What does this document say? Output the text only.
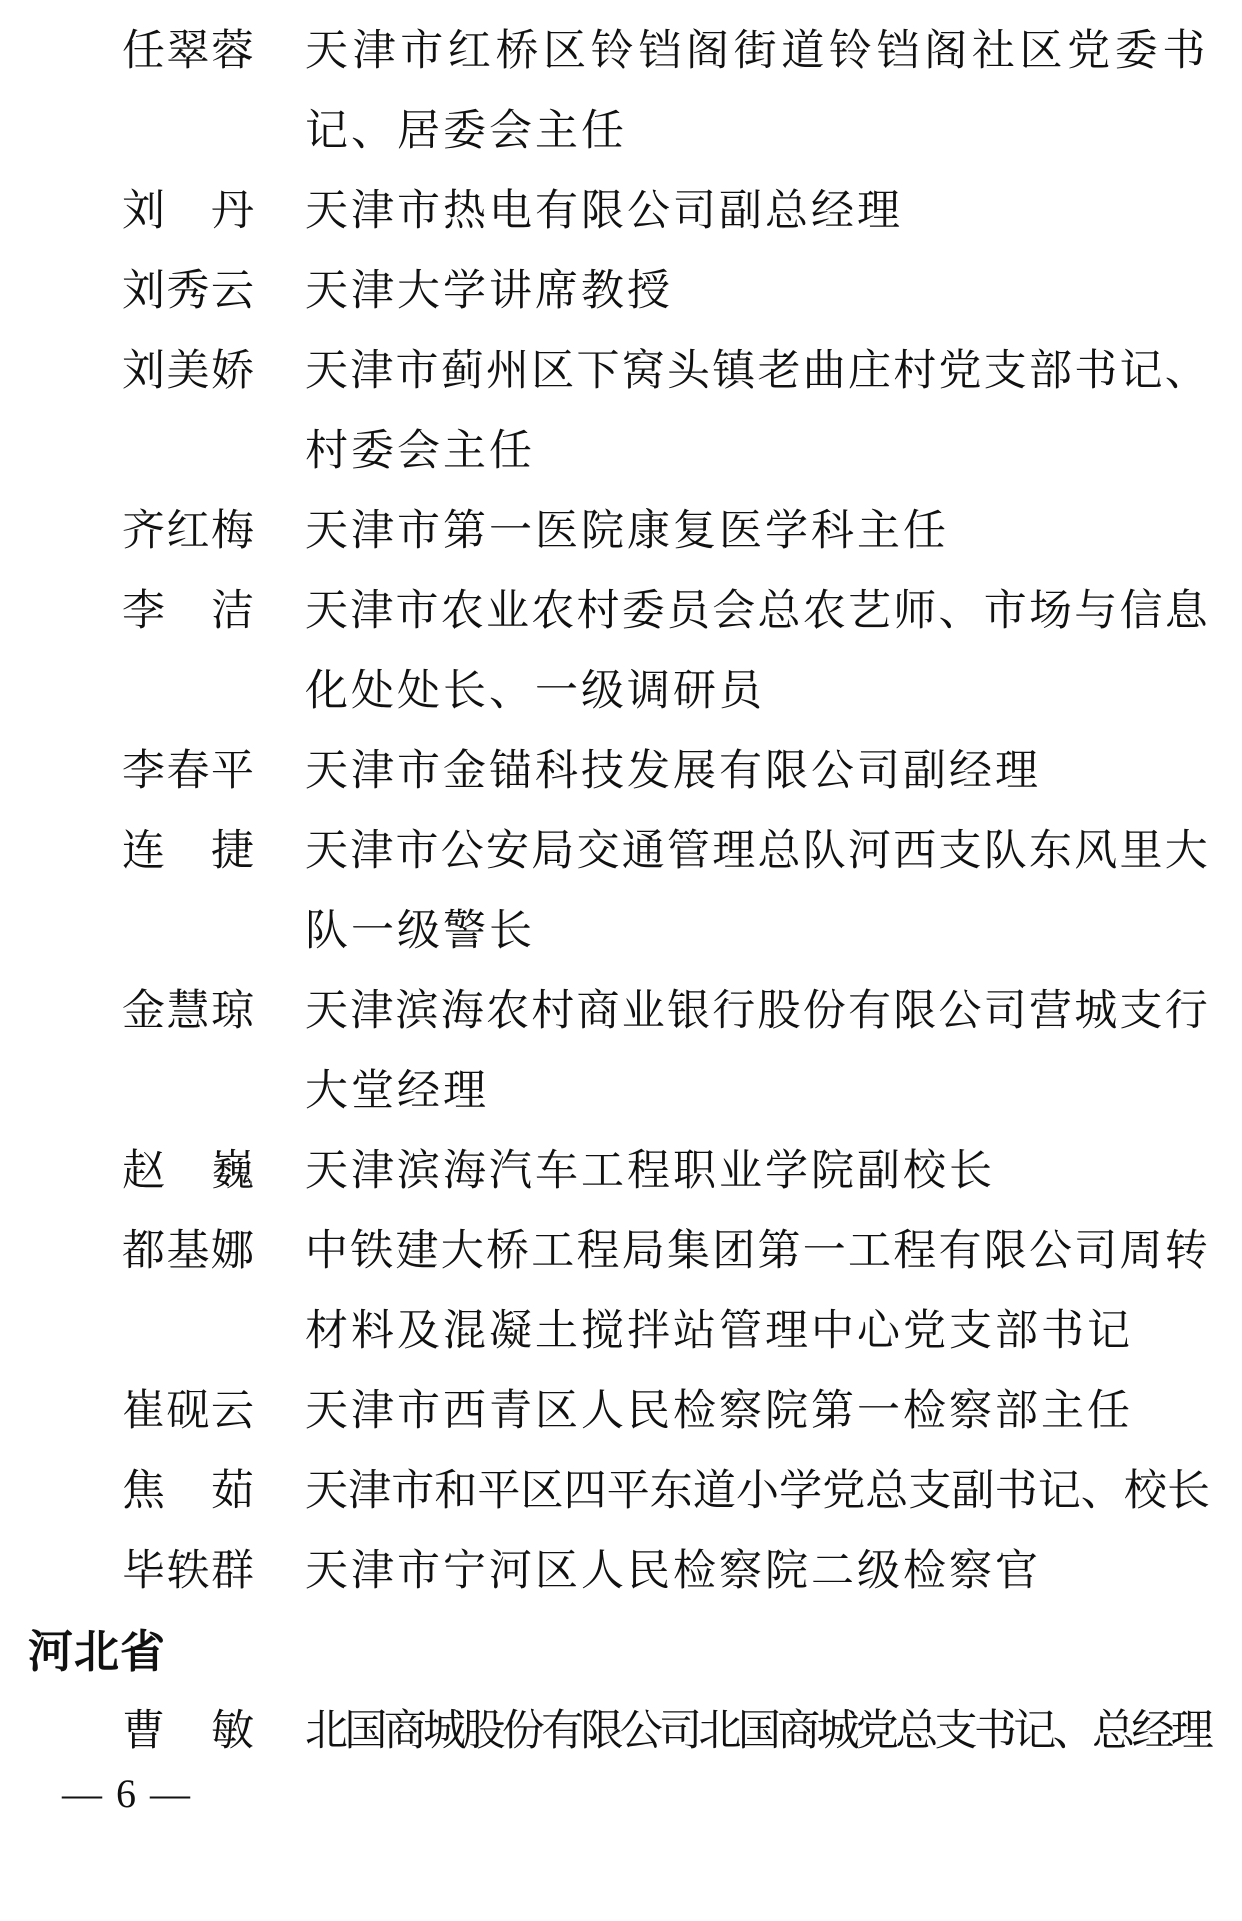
任翠蓉 天津市红桥区铃铛阁街道铃铛阁社区党委书
记、居委会主任
刘丹 天津市热电有限公司副总经理
刘秀云 天津大学讲席教授
刘美娇 天津市蓟州区下窝头镇老曲庄村党支部书记、
村委会主任
齐红梅 天津市第一医院康复医学科主任
李洁 天津市农业农村委员会总农艺师、市场与信息
化处处长、一级调研员
李春平 天津市金锚科技发展有限公司副经理
连捷 天津市公安局交通管理总队河西支队东风里大
队一级警长
金慧琼 天津滨海农村商业银行股份有限公司营城支行
大堂经理
赵巍 天津滨海汽车工程职业学院副校长
都基娜 中铁建大桥工程局集团第一工程有限公司周转
材料及混凝土搅拌站管理中心党支部书记
崔砚云 天津市西青区人民检察院第一检察部主任
焦茹 天津市和平区四平东道小学党总支副书记、校长
毕轶群 天津市宁河区人民检察院二级检察官
河北省
曹敏 北国商城股份有限公司北国商城党总支书记、总经理
— 6 —
